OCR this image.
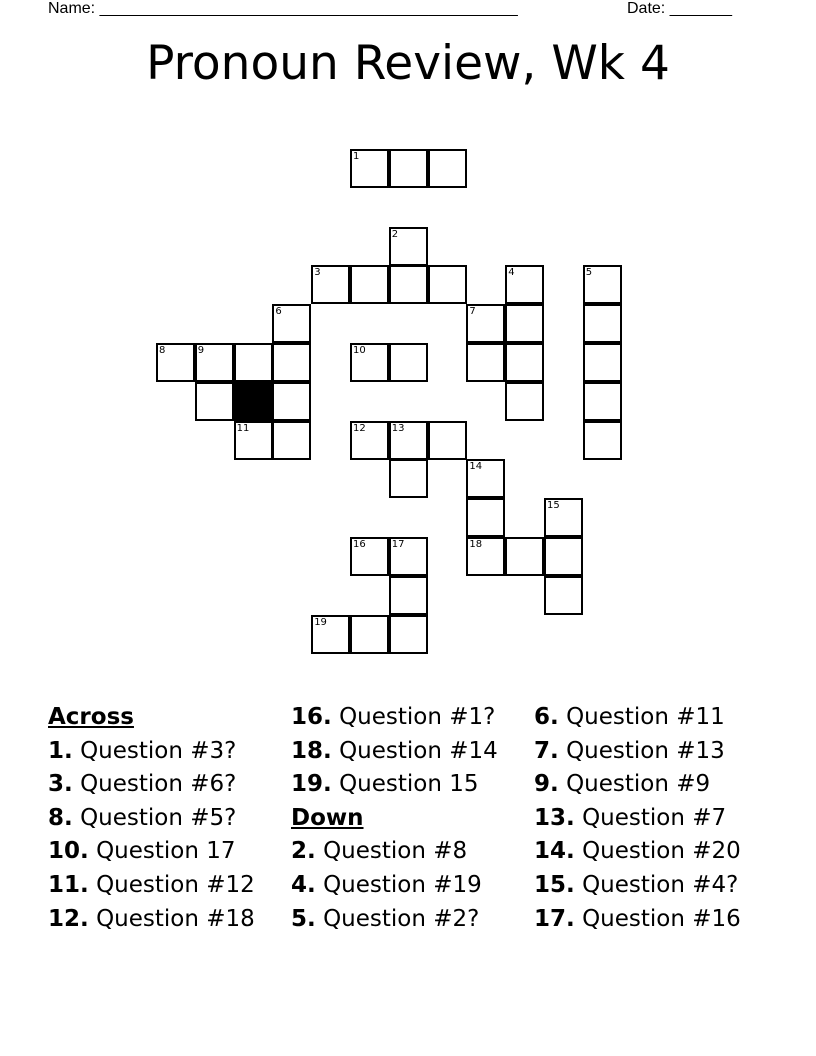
Name: _______________________________________________	Date: _______
Pronoun Review, Wk 4
1
2
3	4	5
6	7
8	9	10
11	12	13
14
15
16	17	18
19
Across
1. Question #3?
3. Question #6?
8. Question #5?
10. Question 17
11. Question #12
12. Question #18
16. Question #1?
18. Question #14
19. Question 15
Down
2. Question #8
4. Question #19
5. Question #2?
6. Question #11
7. Question #13
9. Question #9
13. Question #7
14. Question #20
15. Question #4?
17. Question #16
